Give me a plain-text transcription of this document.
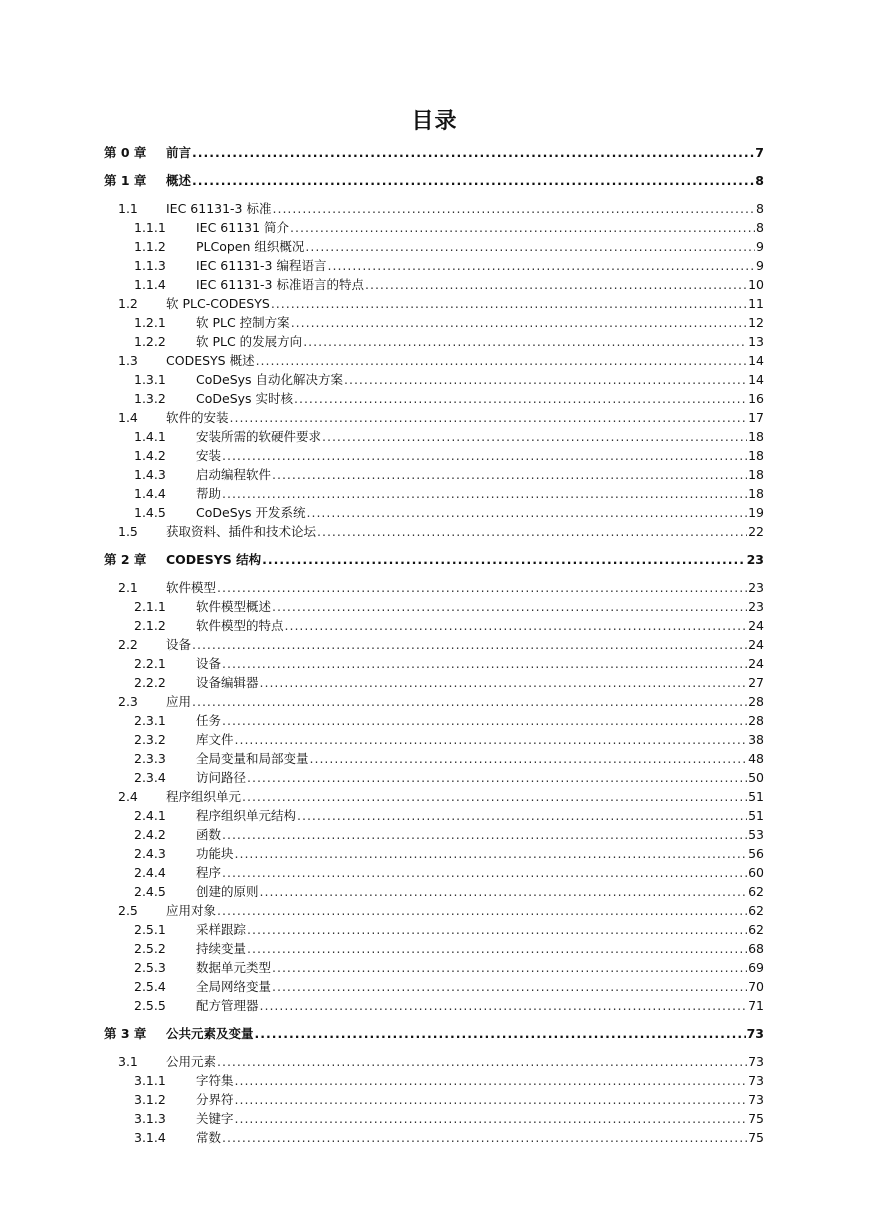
目录
第 0 章	前言 .....	7
第 1 章	概述 .....	8
1.1	IEC 61131-3 标准 .....	8
1.1.1	IEC 61131 简介 .....	8
1.1.2	PLCopen 组织概况 .....	9
1.1.3	IEC 61131-3 编程语言 .....	9
1.1.4	IEC 61131-3 标准语言的特点 .....	10
1.2	软 PLC-CODESYS .....	11
1.2.1	软 PLC 控制方案 .....	12
1.2.2	软 PLC 的发展方向 .....	13
1.3	CODESYS 概述 .....	14
1.3.1	CoDeSys 自动化解决方案 .....	14
1.3.2	CoDeSys 实时核 .....	16
1.4	软件的安装 .....	17
1.4.1	安装所需的软硬件要求 .....	18
1.4.2	安装 .....	18
1.4.3	启动编程软件 .....	18
1.4.4	帮助 .....	18
1.4.5	CoDeSys 开发系统 .....	19
1.5	获取资料、插件和技术论坛 .....	22
第 2 章	CODESYS 结构 .....	23
2.1	软件模型 .....	23
2.1.1	软件模型概述 .....	23
2.1.2	软件模型的特点 .....	24
2.2	设备 .....	24
2.2.1	设备 .....	24
2.2.2	设备编辑器 .....	27
2.3	应用 .....	28
2.3.1	任务 .....	28
2.3.2	库文件 .....	38
2.3.3	全局变量和局部变量 .....	48
2.3.4	访问路径 .....	50
2.4	程序组织单元 .....	51
2.4.1	程序组织单元结构 .....	51
2.4.2	函数 .....	53
2.4.3	功能块 .....	56
2.4.4	程序 .....	60
2.4.5	创建的原则 .....	62
2.5	应用对象 .....	62
2.5.1	采样跟踪 .....	62
2.5.2	持续变量 .....	68
2.5.3	数据单元类型 .....	69
2.5.4	全局网络变量 .....	70
2.5.5	配方管理器 .....	71
第 3 章	公共元素及变量 .....	73
3.1	公用元素 .....	73
3.1.1	字符集 .....	73
3.1.2	分界符 .....	73
3.1.3	关键字 .....	75
3.1.4	常数 .....	75
